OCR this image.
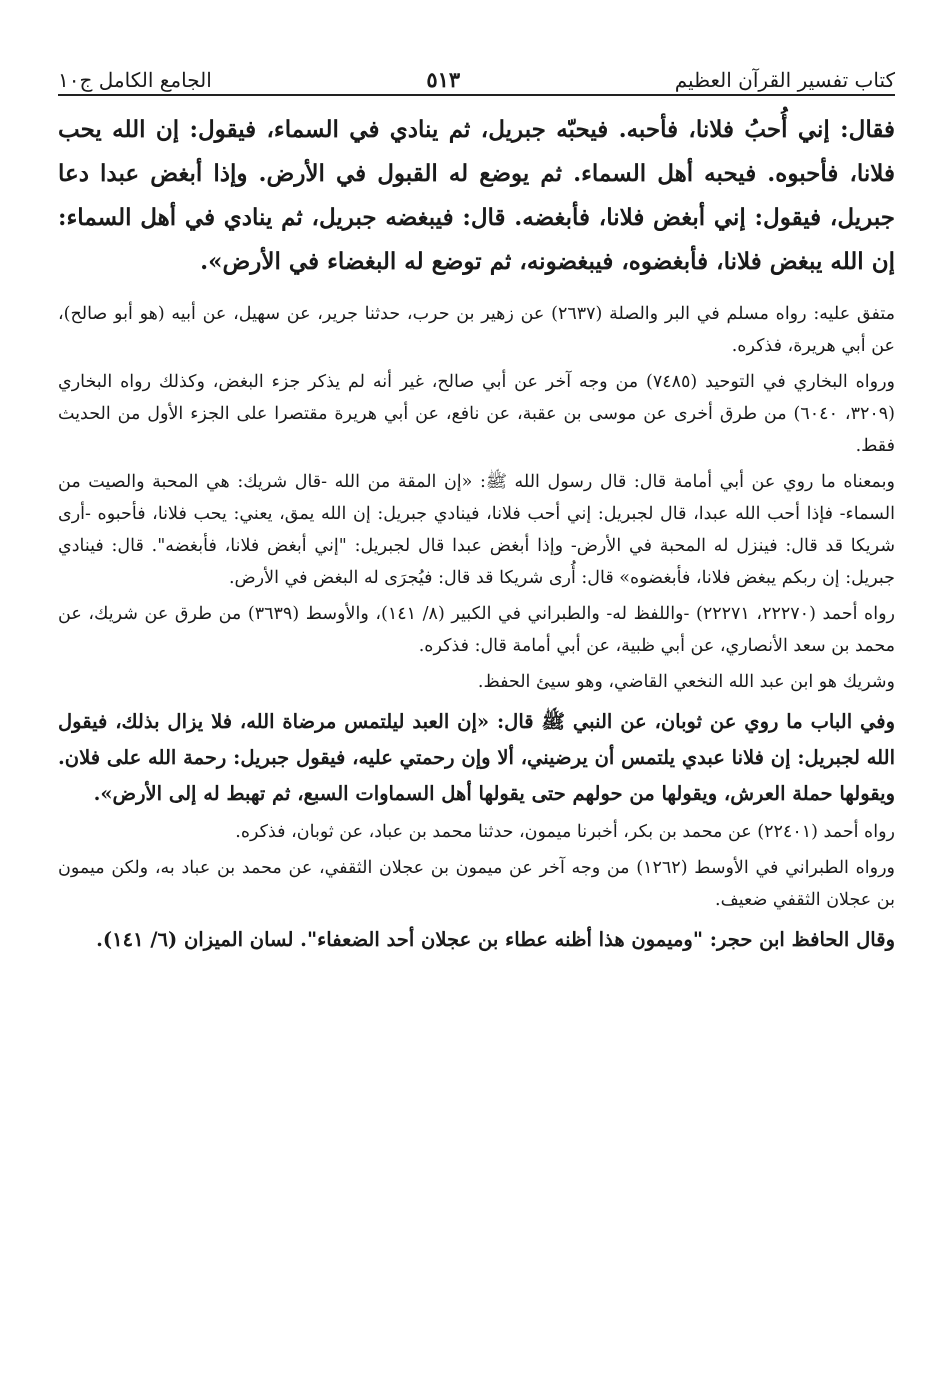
كتاب تفسير القرآن العظيم
٥١٣
الجامع الكامل ج١٠

فقال: إني أُحبُ فلانا، فأحبه. فيحبّه جبريل، ثم ينادي في السماء، فيقول: إن الله يحب فلانا، فأحبوه. فيحبه أهل السماء. ثم يوضع له القبول في الأرض. وإذا أبغض عبدا دعا جبريل، فيقول: إني أبغض فلانا، فأبغضه. قال: فيبغضه جبريل، ثم ينادي في أهل السماء: إن الله يبغض فلانا، فأبغضوه، فيبغضونه، ثم توضع له البغضاء في الأرض».

متفق عليه: رواه مسلم في البر والصلة (٢٦٣٧) عن زهير بن حرب، حدثنا جرير، عن سهيل، عن أبيه (هو أبو صالح)، عن أبي هريرة، فذكره.

ورواه البخاري في التوحيد (٧٤٨٥) من وجه آخر عن أبي صالح، غير أنه لم يذكر جزء البغض، وكذلك رواه البخاري (٣٢٠٩، ٦٠٤٠) من طرق أخرى عن موسى بن عقبة، عن نافع، عن أبي هريرة مقتصرا على الجزء الأول من الحديث فقط.

وبمعناه ما روي عن أبي أمامة قال: قال رسول الله ﷺ: «إن المقة من الله -قال شريك: هي المحبة والصيت من السماء- فإذا أحب الله عبدا، قال لجبريل: إني أحب فلانا، فينادي جبريل: إن الله يمق، يعني: يحب فلانا، فأحبوه -أرى شريكا قد قال: فينزل له المحبة في الأرض- وإذا أبغض عبدا قال لجبريل: "إني أبغض فلانا، فأبغضه". قال: فينادي جبريل: إن ربكم يبغض فلانا، فأبغضوه» قال: أُرى شريكا قد قال: فيُجرَى له البغض في الأرض.

رواه أحمد (٢٢٢٧٠، ٢٢٢٧١) -واللفظ له- والطبراني في الكبير (٨/ ١٤١)، والأوسط (٣٦٣٩) من طرق عن شريك، عن محمد بن سعد الأنصاري، عن أبي ظبية، عن أبي أمامة قال: فذكره.

وشريك هو ابن عبد الله النخعي القاضي، وهو سيئ الحفظ.

وفي الباب ما روي عن ثوبان، عن النبي ﷺ قال: «إن العبد ليلتمس مرضاة الله، فلا يزال بذلك، فيقول الله لجبريل: إن فلانا عبدي يلتمس أن يرضيني، ألا وإن رحمتي عليه، فيقول جبريل: رحمة الله على فلان. ويقولها حملة العرش، ويقولها من حولهم حتى يقولها أهل السماوات السبع، ثم تهبط له إلى الأرض».

رواه أحمد (٢٢٤٠١) عن محمد بن بكر، أخبرنا ميمون، حدثنا محمد بن عباد، عن ثوبان، فذكره.

ورواه الطبراني في الأوسط (١٢٦٢) من وجه آخر عن ميمون بن عجلان الثقفي، عن محمد بن عباد به، ولكن ميمون بن عجلان الثقفي ضعيف.

وقال الحافظ ابن حجر: "وميمون هذا أظنه عطاء بن عجلان أحد الضعفاء". لسان الميزان (٦/ ١٤١).
